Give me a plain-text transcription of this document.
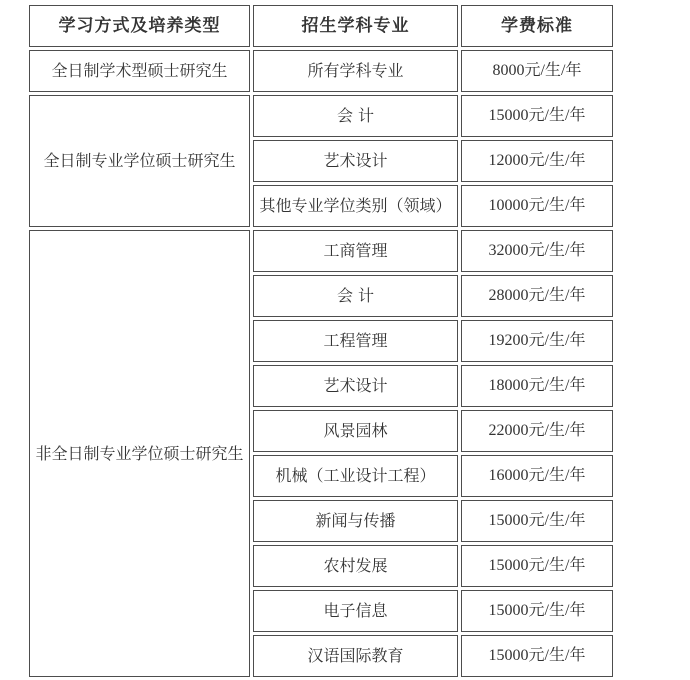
学习方式及培养类型	招生学科专业	学费标准
全日制学术型硕士研究生	所有学科专业	8000元/生/年
全日制专业学位硕士研究生	会 计	15000元/生/年
	艺术设计	12000元/生/年
	其他专业学位类别（领域）	10000元/生/年
非全日制专业学位硕士研究生	工商管理	32000元/生/年
	会 计	28000元/生/年
	工程管理	19200元/生/年
	艺术设计	18000元/生/年
	风景园林	22000元/生/年
	机械（工业设计工程）	16000元/生/年
	新闻与传播	15000元/生/年
	农村发展	15000元/生/年
	电子信息	15000元/生/年
	汉语国际教育	15000元/生/年
